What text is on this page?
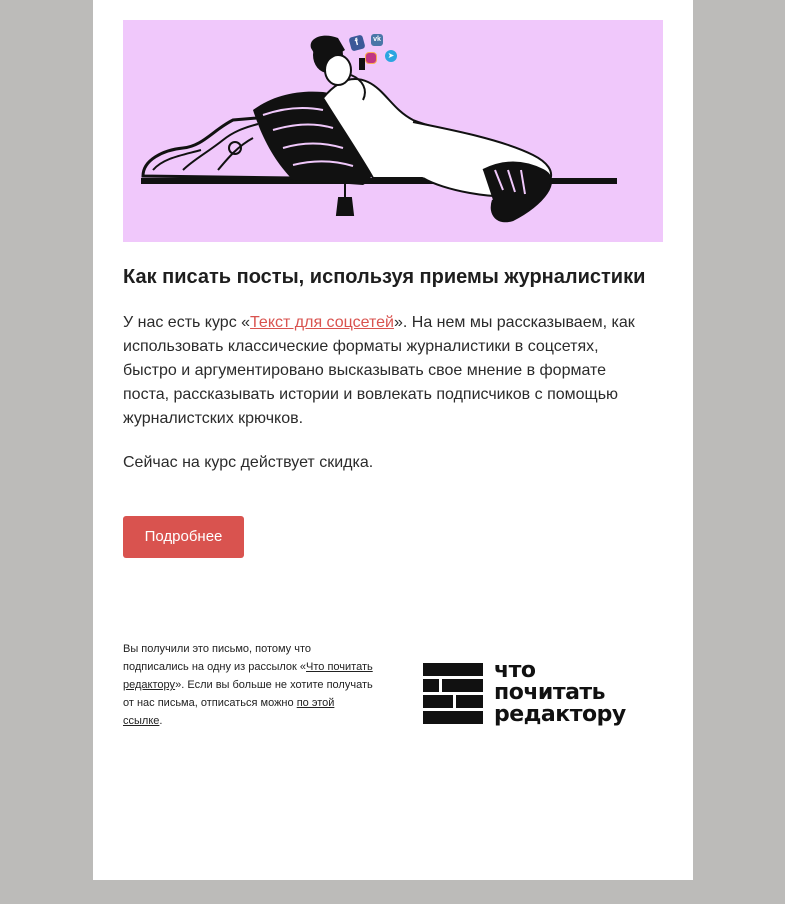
f	vk
➤
Как писать посты, используя приемы журналистики

У нас есть курс «Текст для соцсетей». На нем мы рассказываем, как использовать классические форматы журналистики в соцсетях, быстро и аргументировано высказывать свое мнение в формате поста, рассказывать истории и вовлекать подписчиков с помощью журналистских крючков.

Сейчас на курс действует скидка.

Подробнее

Вы получили это письмо, потому что подписались на одну из рассылок «Что почитать редактору». Если вы больше не хотите получать от нас письма, отписаться можно по этой ссылке.

что
почитать
редактору
